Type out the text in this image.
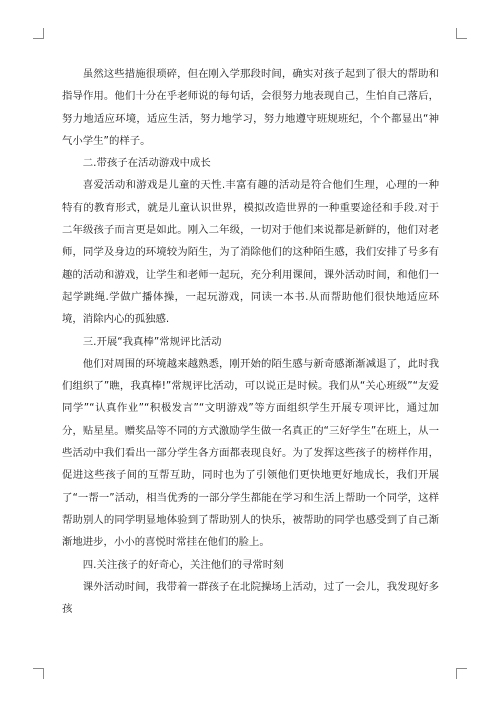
虽然这些措施很琐碎，但在刚入学那段时间，确实对孩子起到了很大的帮助和指导作用。他们十分在乎老师说的每句话，会很努力地表现自己，生怕自己落后，努力地适应环境，适应生活，努力地学习，努力地遵守班规班纪，个个都显出“神气小学生”的样子。

二.带孩子在活动游戏中成长

喜爱活动和游戏是儿童的天性.丰富有趣的活动是符合他们生理，心理的一种特有的教育形式，就是儿童认识世界，模拟改造世界的一种重要途径和手段.对于二年级孩子而言更是如此。刚入二年级，一切对于他们来说都是新鲜的，他们对老师，同学及身边的环境较为陌生，为了消除他们的这种陌生感，我们安排了号多有趣的活动和游戏，让学生和老师一起玩，充分利用课间，课外活动时间，和他们一起学跳绳.学做广播体操，一起玩游戏，同读一本书.从而帮助他们很快地适应环境，消除内心的孤独感.

三.开展“我真棒”常规评比活动

他们对周围的环境越来越熟悉，刚开始的陌生感与新奇感渐渐减退了，此时我们组织了”瞧，我真棒!”常规评比活动，可以说正是时候。我们从“关心班级”“友爱同学”“认真作业”“积极发言”“文明游戏”等方面组织学生开展专项评比，通过加分，贴星星。赠奖品等不同的方式激励学生做一名真正的“三好学生”在班上，从一些活动中我们看出一部分学生各方面都表现良好。为了发挥这些孩子的榜样作用，促进这些孩子间的互帮互助，同时也为了引领他们更快地更好地成长，我们开展了“一帮一”活动，相当优秀的一部分学生都能在学习和生活上帮助一个同学，这样帮助别人的同学明显地体验到了帮助别人的快乐，被帮助的同学也感受到了自己渐渐地进步，小小的喜悦时常挂在他们的脸上。

四.关注孩子的好奇心，关注他们的寻常时刻

课外活动时间，我带着一群孩子在北院操场上活动，过了一会儿，我发现好多孩
